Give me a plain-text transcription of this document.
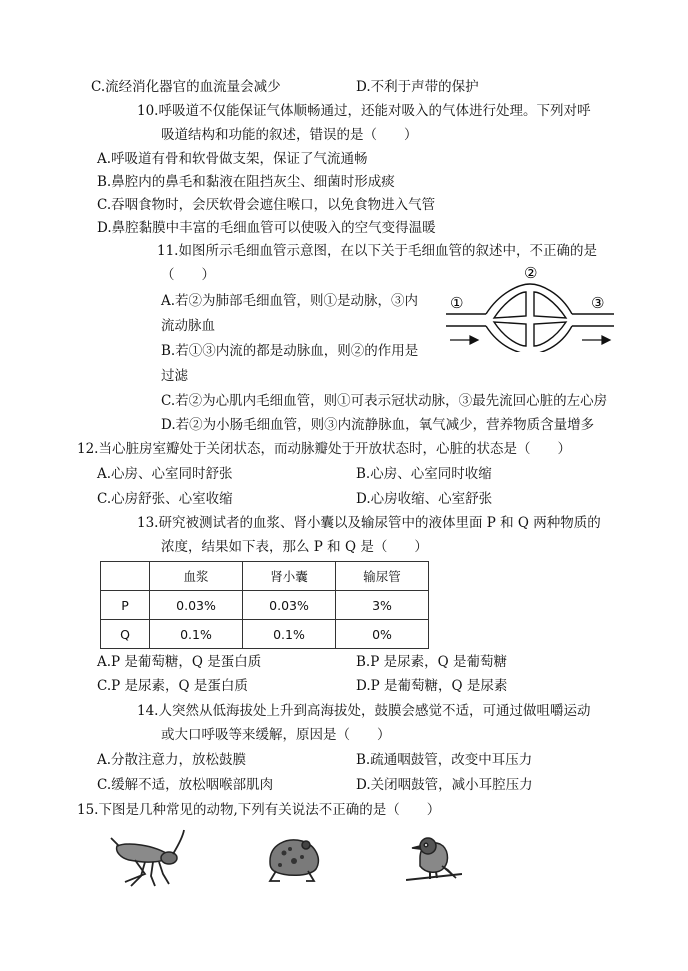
C.流经消化器官的血流量会减少	D.不利于声带的保护
10.呼吸道不仅能保证气体顺畅通过，还能对吸入的气体进行处理。下列对呼
吸道结构和功能的叙述，错误的是（　　）
A.呼吸道有骨和软骨做支架，保证了气流通畅
B.鼻腔内的鼻毛和黏液在阻挡灰尘、细菌时形成痰
C.吞咽食物时，会厌软骨会遮住喉口，以免食物进入气管
D.鼻腔黏膜中丰富的毛细血管可以使吸入的空气变得温暖
11.如图所示毛细血管示意图，在以下关于毛细血管的叙述中，不正确的是
（　　）
A.若②为肺部毛细血管，则①是动脉，③内
流动脉血
B.若①③内流的都是动脉血，则②的作用是
过滤
C.若②为心肌内毛细血管，则①可表示冠状动脉，③最先流回心脏的左心房
D.若②为小肠毛细血管，则③内流静脉血，氧气减少，营养物质含量增多
②
①	③
12.当心脏房室瓣处于关闭状态，而动脉瓣处于开放状态时，心脏的状态是（　　）
A.心房、心室同时舒张	B.心房、心室同时收缩
C.心房舒张、心室收缩	D.心房收缩、心室舒张
13.研究被测试者的血浆、肾小囊以及输尿管中的液体里面 P 和 Q 两种物质的
浓度，结果如下表，那么 P 和 Q 是（　　）
	血浆	肾小囊	输尿管
P	0.03%	0.03%	3%
Q	0.1%	0.1%	0%
A.P 是葡萄糖，Q 是蛋白质	B.P 是尿素，Q 是葡萄糖
C.P 是尿素，Q 是蛋白质	D.P 是葡萄糖，Q 是尿素
14.人突然从低海拔处上升到高海拔处，鼓膜会感觉不适，可通过做咀嚼运动
或大口呼吸等来缓解，原因是（　　）
A.分散注意力，放松鼓膜	B.疏通咽鼓管，改变中耳压力
C.缓解不适，放松咽喉部肌肉	D.关闭咽鼓管，减小耳腔压力
15.下图是几种常见的动物,下列有关说法不正确的是（　　）
